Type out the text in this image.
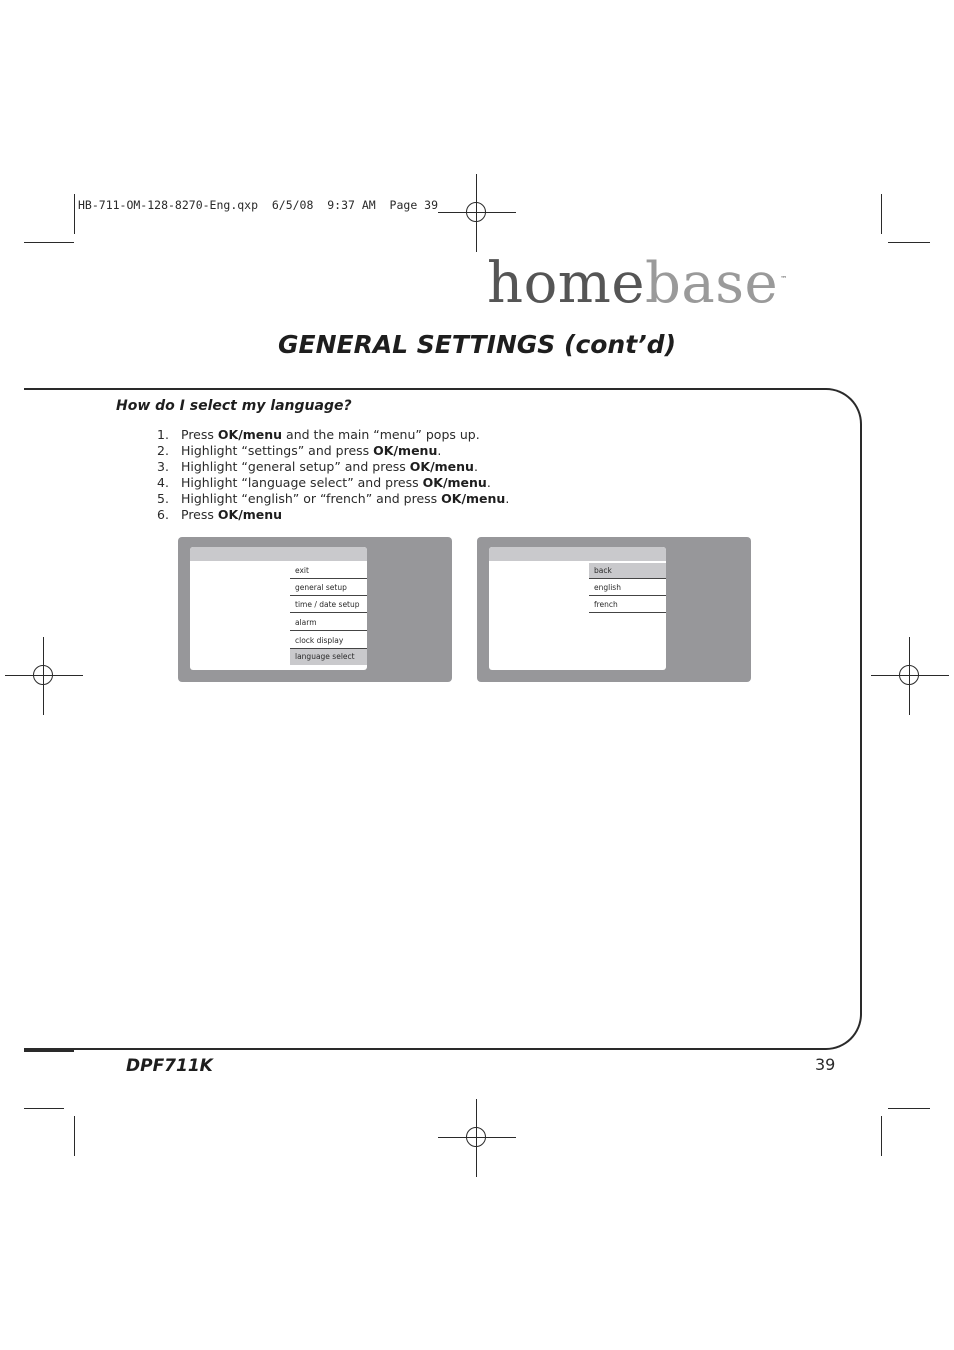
HB-711-OM-128-8270-Eng.qxp  6/5/08  9:37 AM  Page 39
homebase ™
GENERAL SETTINGS (cont’d)
How do I select my language?
1. Press OK/menu and the main “menu” pops up.
2. Highlight “settings” and press OK/menu.
3. Highlight “general setup” and press OK/menu.
4. Highlight “language select” and press OK/menu.
5. Highlight “english” or “french” and press OK/menu.
6. Press OK/menu
exit
general setup
time / date setup
alarm
clock display
language select
back
english
french
DPF711K	39
